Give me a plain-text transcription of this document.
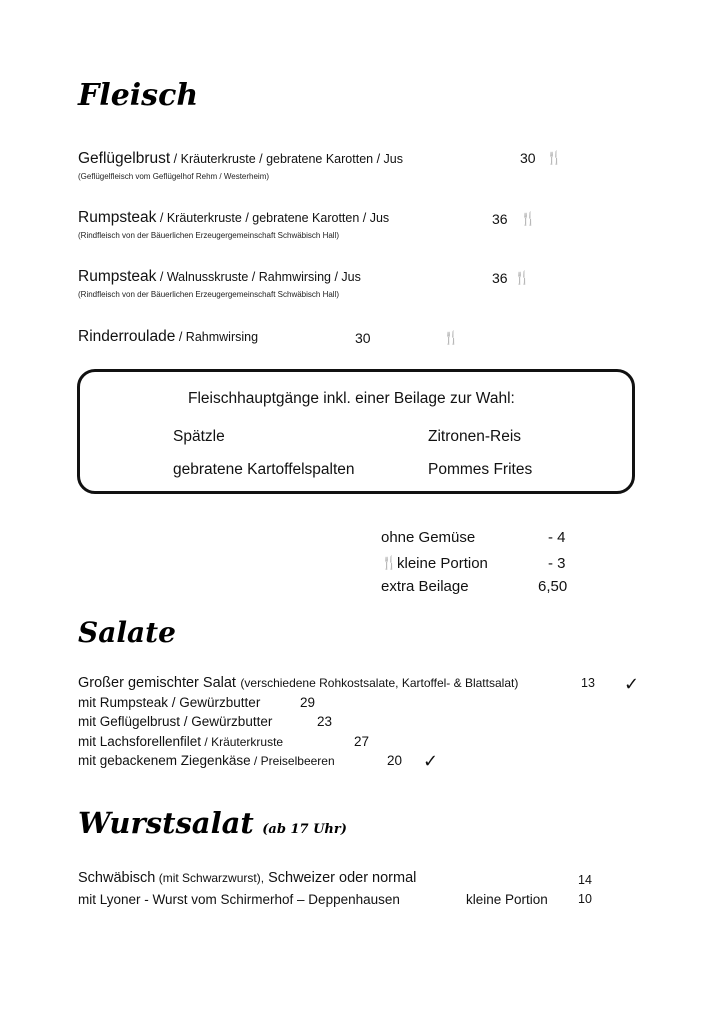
Fleisch
Geflügelbrust / Kräuterkruste / gebratene Karotten / Jus
(Geflügelfleisch vom Geflügelhof Rehm / Westerheim)
30 🍴
Rumpsteak / Kräuterkruste / gebratene Karotten / Jus
(Rindfleisch von der Bäuerlichen Erzeugergemeinschaft Schwäbisch Hall)
36 🍴
Rumpsteak / Walnusskruste / Rahmwirsing / Jus
(Rindfleisch von der Bäuerlichen Erzeugergemeinschaft Schwäbisch Hall)
36 🍴
Rinderroulade / Rahmwirsing	30	🍴
Fleischhauptgänge inkl. einer Beilage zur Wahl:
Spätzle	Zitronen-Reis
gebratene Kartoffelspalten	Pommes Frites
ohne Gemüse	- 4
🍴 kleine Portion	- 3
extra Beilage	6,50
Salate
Großer gemischter Salat (verschiedene Rohkostsalate, Kartoffel- & Blattsalat)	13 ✓
mit Rumpsteak / Gewürzbutter	29
mit Geflügelbrust / Gewürzbutter	23
mit Lachsforellenfilet / Kräuterkruste	27
mit gebackenem Ziegenkäse / Preiselbeeren	20 ✓
Wurstsalat (ab 17 Uhr)
Schwäbisch (mit Schwarzwurst), Schweizer oder normal	14
mit Lyoner - Wurst vom Schirmerhof – Deppenhausen	kleine Portion 10
